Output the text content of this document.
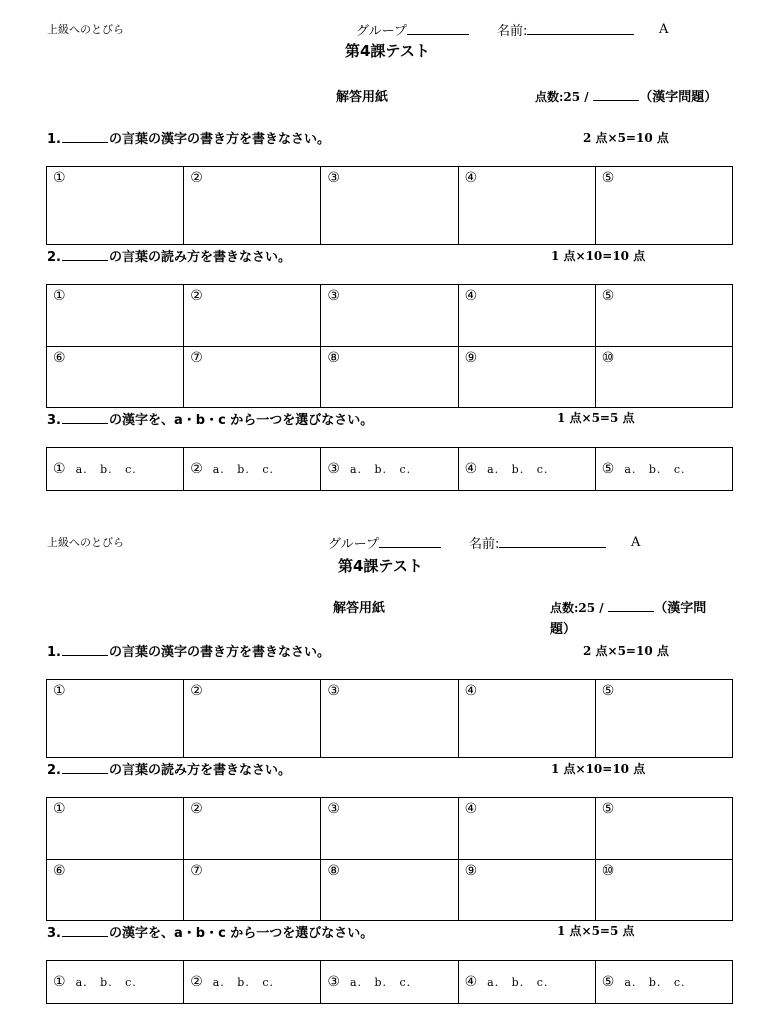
上級へのとびら	グループ	名前:	A
第4課テスト
解答用紙	点数:25 /	（漢字問題）
1.	の言葉の漢字の書き方を書きなさい。	2 点×5=10 点
①	②	③	④	⑤
2.	の言葉の読み方を書きなさい。	1 点×10=10 点
①	②	③	④	⑤
⑥	⑦	⑧	⑨	⑩
3.	の漢字を、a・b・c から一つを選びなさい。	1 点×5=5 点
① a. b. c.	② a. b. c.	③ a. b. c.	④ a. b. c.	⑤ a. b. c.
上級へのとびら	グループ	名前:	A
第4課テスト
解答用紙	点数:25 /	（漢字問題）
1.	の言葉の漢字の書き方を書きなさい。	2 点×5=10 点
①	②	③	④	⑤
2.	の言葉の読み方を書きなさい。	1 点×10=10 点
①	②	③	④	⑤
⑥	⑦	⑧	⑨	⑩
3.	の漢字を、a・b・c から一つを選びなさい。	1 点×5=5 点
① a. b. c.	② a. b. c.	③ a. b. c.	④ a. b. c.	⑤ a. b. c.
